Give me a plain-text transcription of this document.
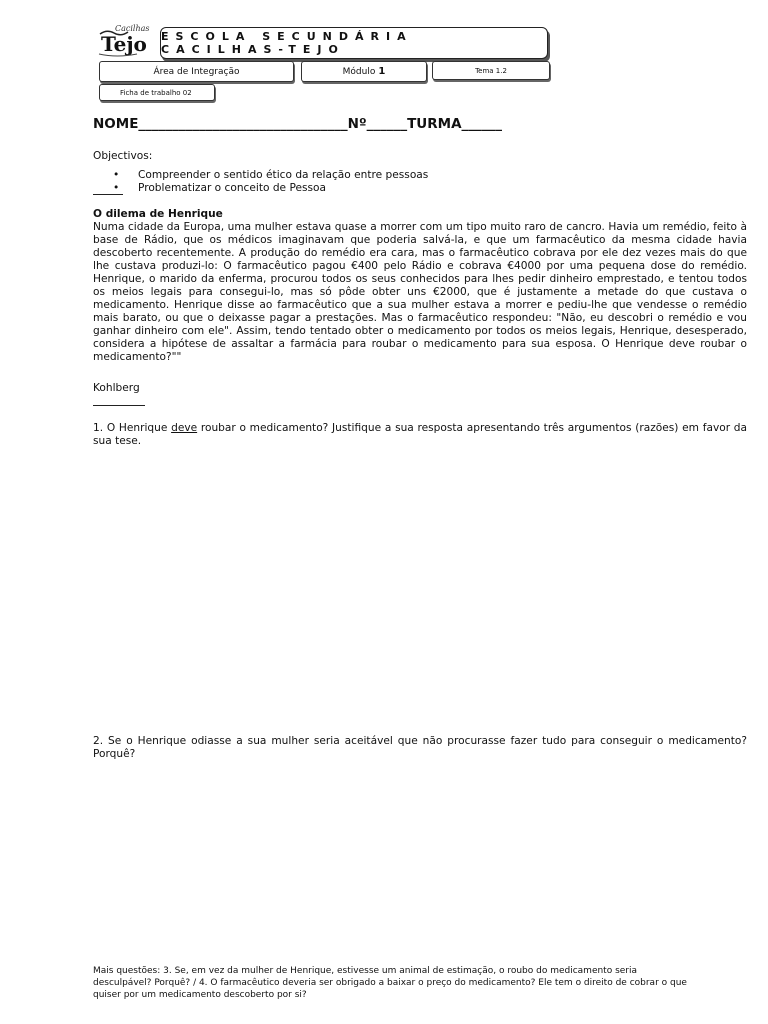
Cacilhas
Tejo ESCOLA SECUNDÁRIA CACILHAS-TEJO
Área de Integração	Módulo 1	Tema 1.2
Ficha de trabalho 02
NOME_______________________________Nº______TURMA______
Objectivos:
• Compreender o sentido ético da relação entre pessoas
• Problematizar o conceito de Pessoa
O dilema de Henrique
Numa cidade da Europa, uma mulher estava quase a morrer com um tipo muito raro de cancro. Havia um remédio, feito à base de Rádio, que os médicos imaginavam que poderia salvá-la, e que um farmacêutico da mesma cidade havia descoberto recentemente. A produção do remédio era cara, mas o farmacêutico cobrava por ele dez vezes mais do que lhe custava produzi-lo: O farmacêutico pagou €400 pelo Rádio e cobrava €4000 por uma pequena dose do remédio. Henrique, o marido da enferma, procurou todos os seus conhecidos para lhes pedir dinheiro emprestado, e tentou todos os meios legais para consegui-lo, mas só pôde obter uns €2000, que é justamente a metade do que custava o medicamento. Henrique disse ao farmacêutico que a sua mulher estava a morrer e pediu-lhe que vendesse o remédio mais barato, ou que o deixasse pagar a prestações. Mas o farmacêutico respondeu: "Não, eu descobri o remédio e vou ganhar dinheiro com ele". Assim, tendo tentado obter o medicamento por todos os meios legais, Henrique, desesperado, considera a hipótese de assaltar a farmácia para roubar o medicamento para sua esposa. O Henrique deve roubar o medicamento?""
Kohlberg
1. O Henrique deve roubar o medicamento? Justifique a sua resposta apresentando três argumentos (razões) em favor da sua tese.
2. Se o Henrique odiasse a sua mulher seria aceitável que não procurasse fazer tudo para conseguir o medicamento? Porquê?
Mais questões: 3. Se, em vez da mulher de Henrique, estivesse um animal de estimação, o roubo do medicamento seria desculpável? Porquê? / 4. O farmacêutico deveria ser obrigado a baixar o preço do medicamento? Ele tem o direito de cobrar o que quiser por um medicamento descoberto por si?
